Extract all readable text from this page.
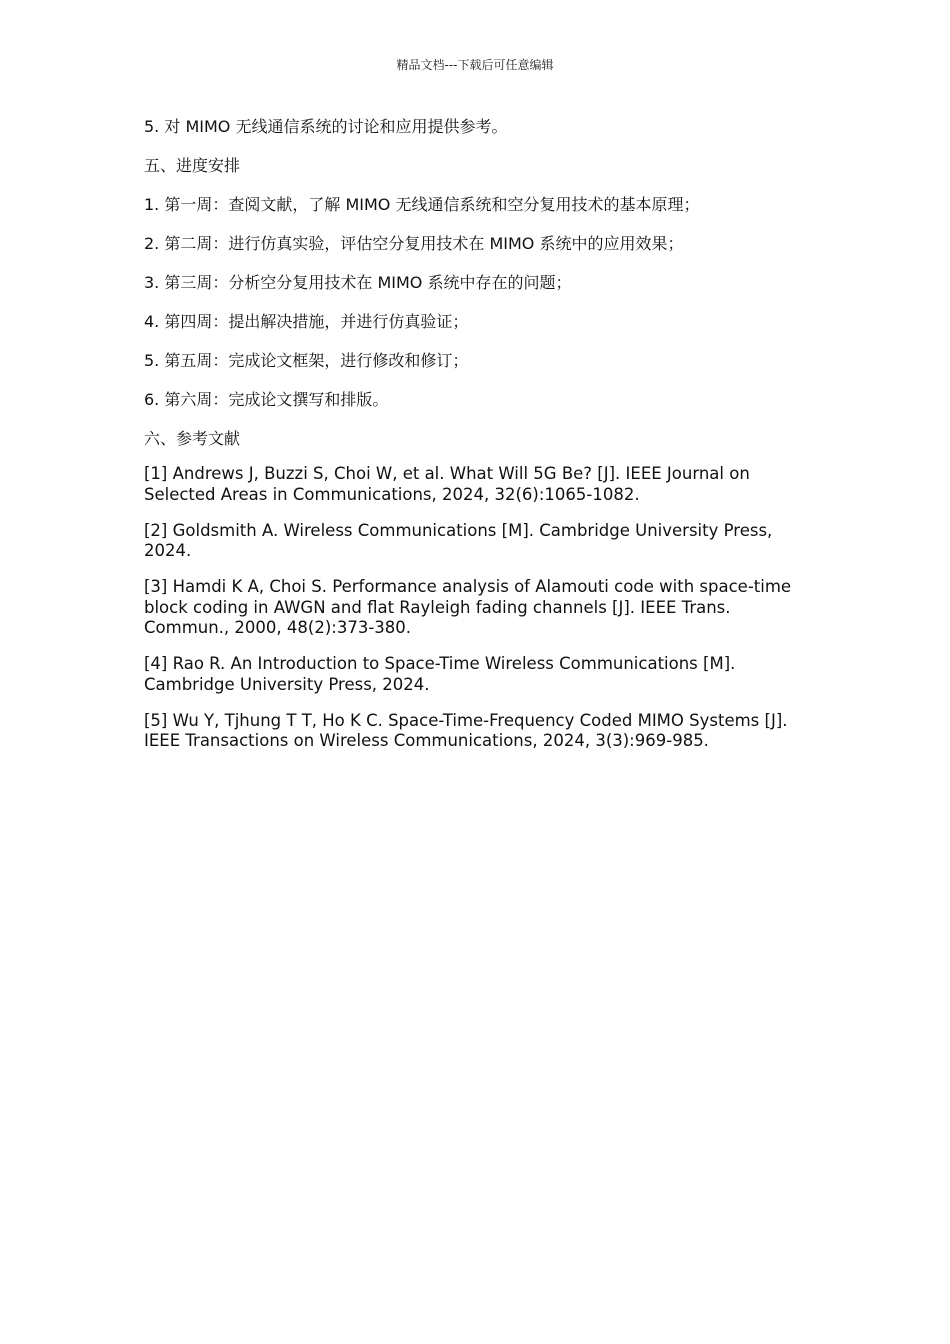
精品文档---下载后可任意编辑
5. 对 MIMO 无线通信系统的讨论和应用提供参考。
五、进度安排
1. 第一周：查阅文献，了解 MIMO 无线通信系统和空分复用技术的基本原理；
2. 第二周：进行仿真实验，评估空分复用技术在 MIMO 系统中的应用效果；
3. 第三周：分析空分复用技术在 MIMO 系统中存在的问题；
4. 第四周：提出解决措施，并进行仿真验证；
5. 第五周：完成论文框架，进行修改和修订；
6. 第六周：完成论文撰写和排版。
六、参考文献

[1] Andrews J, Buzzi S, Choi W, et al. What Will 5G Be? [J]. IEEE Journal on Selected Areas in Communications, 2024, 32(6):1065-1082.

[2] Goldsmith A. Wireless Communications [M]. Cambridge University Press, 2024.

[3] Hamdi K A, Choi S. Performance analysis of Alamouti code with space-time block coding in AWGN and flat Rayleigh fading channels [J]. IEEE Trans. Commun., 2000, 48(2):373-380.

[4] Rao R. An Introduction to Space-Time Wireless Communications [M]. Cambridge University Press, 2024.

[5] Wu Y, Tjhung T T, Ho K C. Space-Time-Frequency Coded MIMO Systems [J]. IEEE Transactions on Wireless Communications, 2024, 3(3):969-985.
